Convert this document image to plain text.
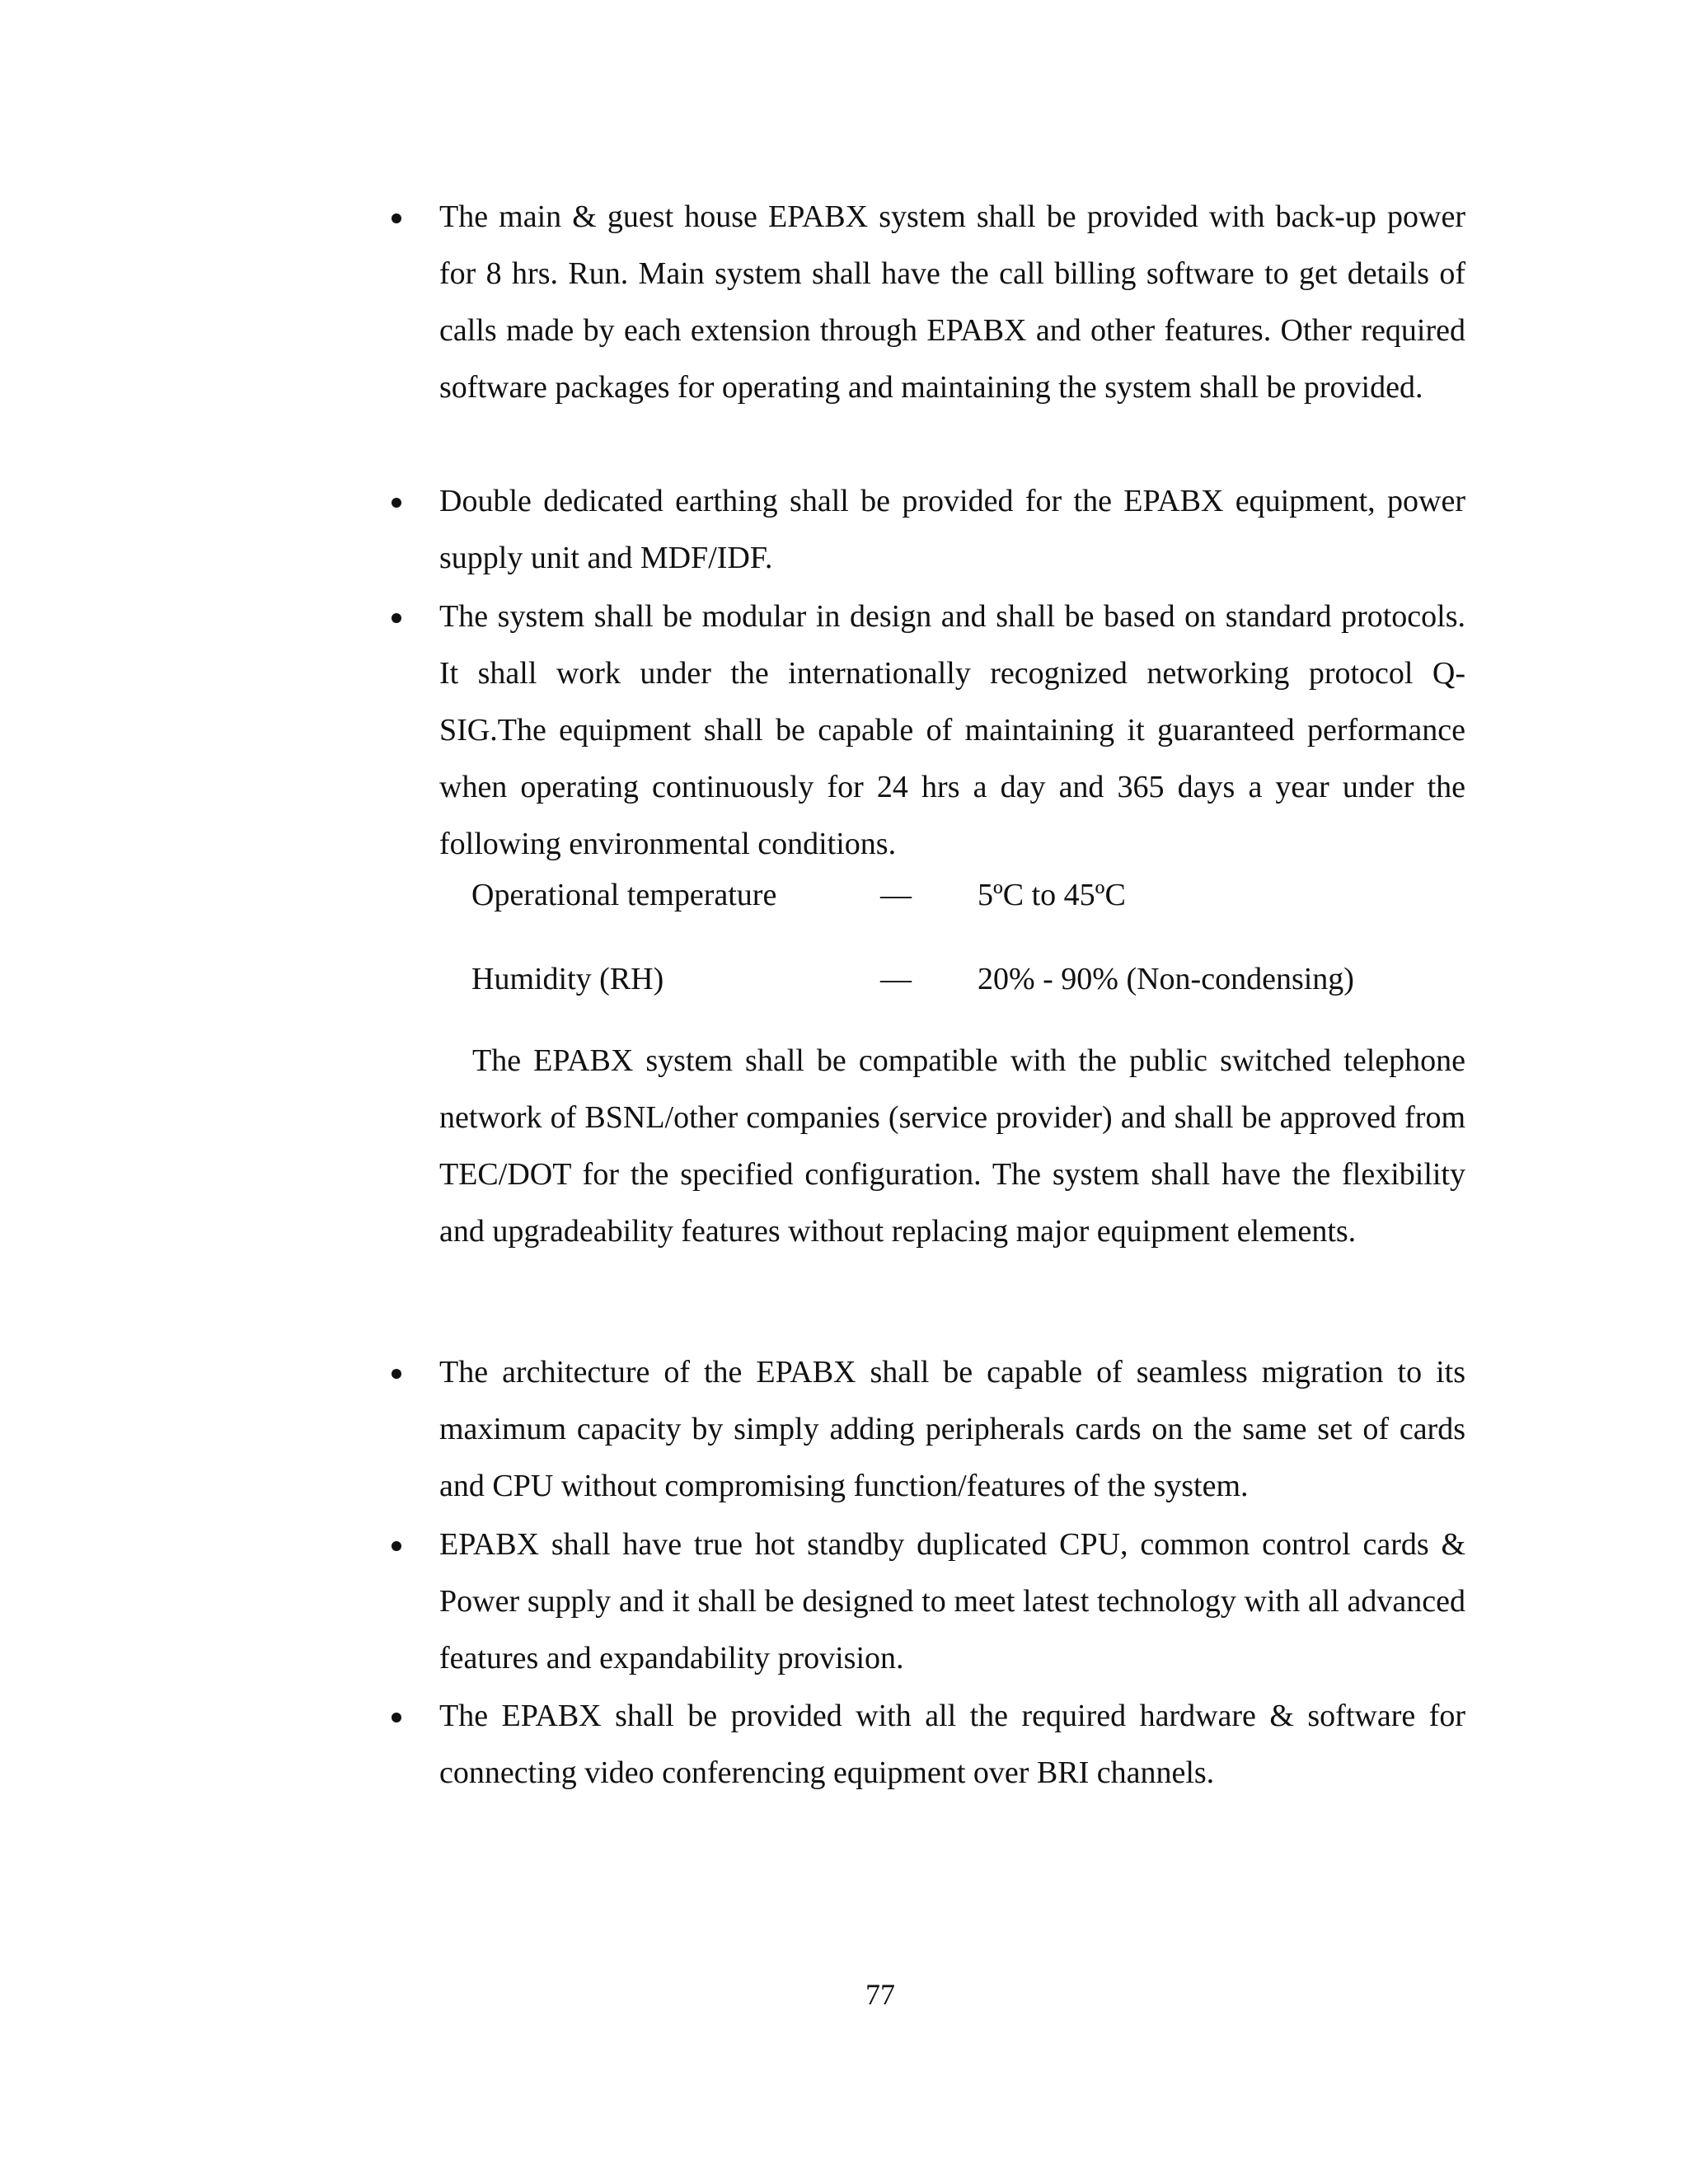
The main & guest house EPABX system shall be provided with back-up power for 8 hrs. Run. Main system shall have the call billing software to get details of calls made by each extension through EPABX and other features. Other required software packages for operating and maintaining the system shall be provided.
Double dedicated earthing shall be provided for the EPABX equipment, power supply unit and MDF/IDF.
The system shall be modular in design and shall be based on standard protocols. It shall work under the internationally recognized networking protocol Q-SIG.The equipment shall be capable of maintaining it guaranteed performance when operating continuously for 24 hrs a day and 365 days a year under the following environmental conditions.
Operational temperature	— 5ºC to 45ºC
Humidity (RH)	— 20% - 90% (Non-condensing)
The EPABX system shall be compatible with the public switched telephone network of BSNL/other companies (service provider) and shall be approved from TEC/DOT for the specified configuration. The system shall have the flexibility and upgradeability features without replacing major equipment elements.
The architecture of the EPABX shall be capable of seamless migration to its maximum capacity by simply adding peripherals cards on the same set of cards and CPU without compromising function/features of the system.
EPABX shall have true hot standby duplicated CPU, common control cards & Power supply and it shall be designed to meet latest technology with all advanced features and expandability provision.
The EPABX shall be provided with all the required hardware & software for connecting video conferencing equipment over BRI channels.
77
